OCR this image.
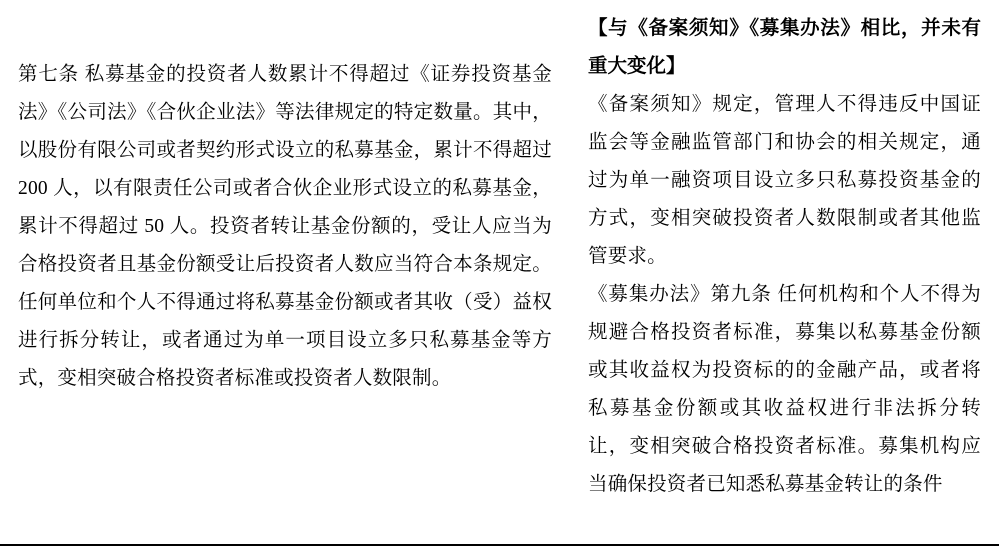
第七条 私募基金的投资者人数累计不得超过《证券投资基金法》《公司法》《合伙企业法》等法律规定的特定数量。其中，以股份有限公司或者契约形式设立的私募基金，累计不得超过 200 人，以有限责任公司或者合伙企业形式设立的私募基金，累计不得超过 50 人。投资者转让基金份额的，受让人应当为合格投资者且基金份额受让后投资者人数应当符合本条规定。任何单位和个人不得通过将私募基金份额或者其收（受）益权进行拆分转让，或者通过为单一项目设立多只私募基金等方式，变相突破合格投资者标准或投资者人数限制。

【与《备案须知》《募集办法》相比，并未有重大变化】

《备案须知》规定，管理人不得违反中国证监会等金融监管部门和协会的相关规定，通过为单一融资项目设立多只私募投资基金的方式，变相突破投资者人数限制或者其他监管要求。

《募集办法》第九条 任何机构和个人不得为规避合格投资者标准，募集以私募基金份额或其收益权为投资标的的金融产品，或者将私募基金份额或其收益权进行非法拆分转让，变相突破合格投资者标准。募集机构应当确保投资者已知悉私募基金转让的条件
